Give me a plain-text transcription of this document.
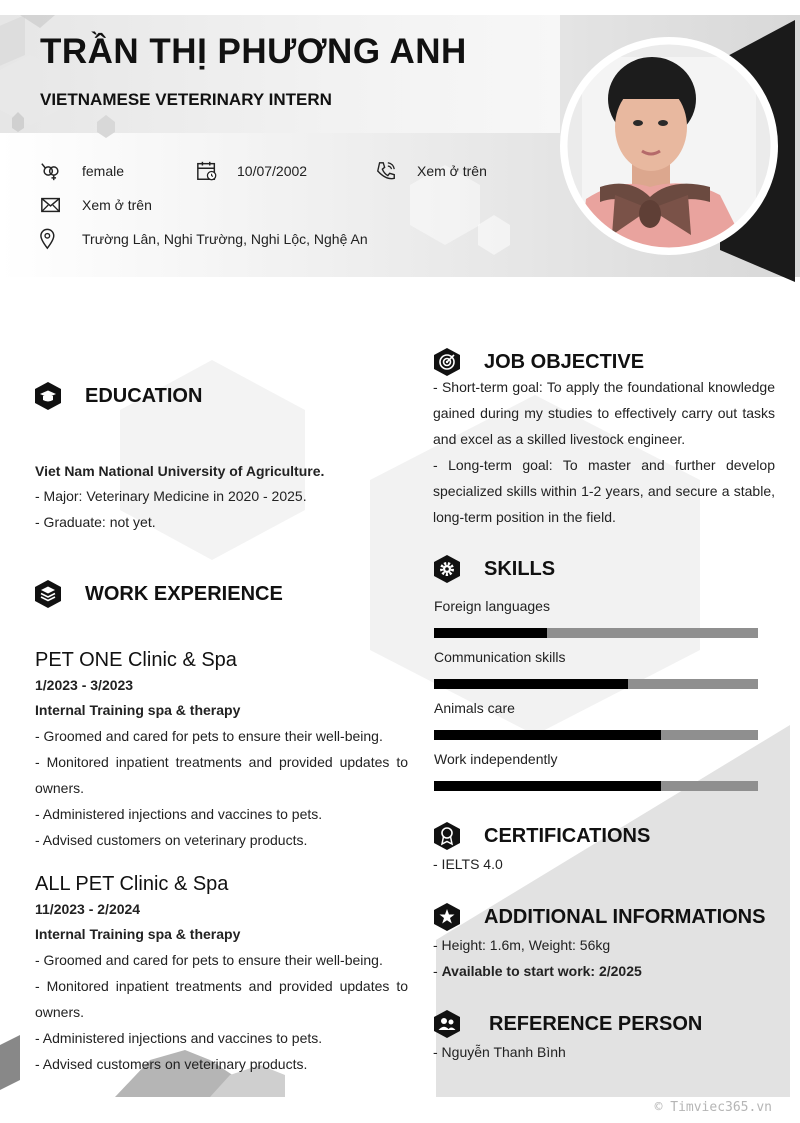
TRẦN THỊ PHƯƠNG ANH
VIETNAMESE VETERINARY INTERN
female	10/07/2002	Xem ở trên
Xem ở trên
Trường Lân, Nghi Trường, Nghi Lộc, Nghệ An
EDUCATION
Viet Nam National University of Agriculture.
- Major: Veterinary Medicine in 2020 - 2025.
- Graduate: not yet.
WORK EXPERIENCE
PET ONE Clinic & Spa
1/2023 - 3/2023
Internal Training spa & therapy
- Groomed and cared for pets to ensure their well-being.
- Monitored inpatient treatments and provided updates to owners.
- Administered injections and vaccines to pets.
- Advised customers on veterinary products.
ALL PET Clinic & Spa
11/2023 - 2/2024
Internal Training spa & therapy
- Groomed and cared for pets to ensure their well-being.
- Monitored inpatient treatments and provided updates to owners.
- Administered injections and vaccines to pets.
- Advised customers on veterinary products.
JOB OBJECTIVE
- Short-term goal: To apply the foundational knowledge gained during my studies to effectively carry out tasks and excel as a skilled livestock engineer.
- Long-term goal: To master and further develop specialized skills within 1-2 years, and secure a stable, long-term position in the field.
SKILLS
Foreign languages
Communication skills
Animals care
Work independently
CERTIFICATIONS
- IELTS 4.0
ADDITIONAL INFORMATIONS
- Height: 1.6m, Weight: 56kg
- Available to start work: 2/2025
REFERENCE PERSON
- Nguyễn Thanh Bình
© Timviec365.vn
